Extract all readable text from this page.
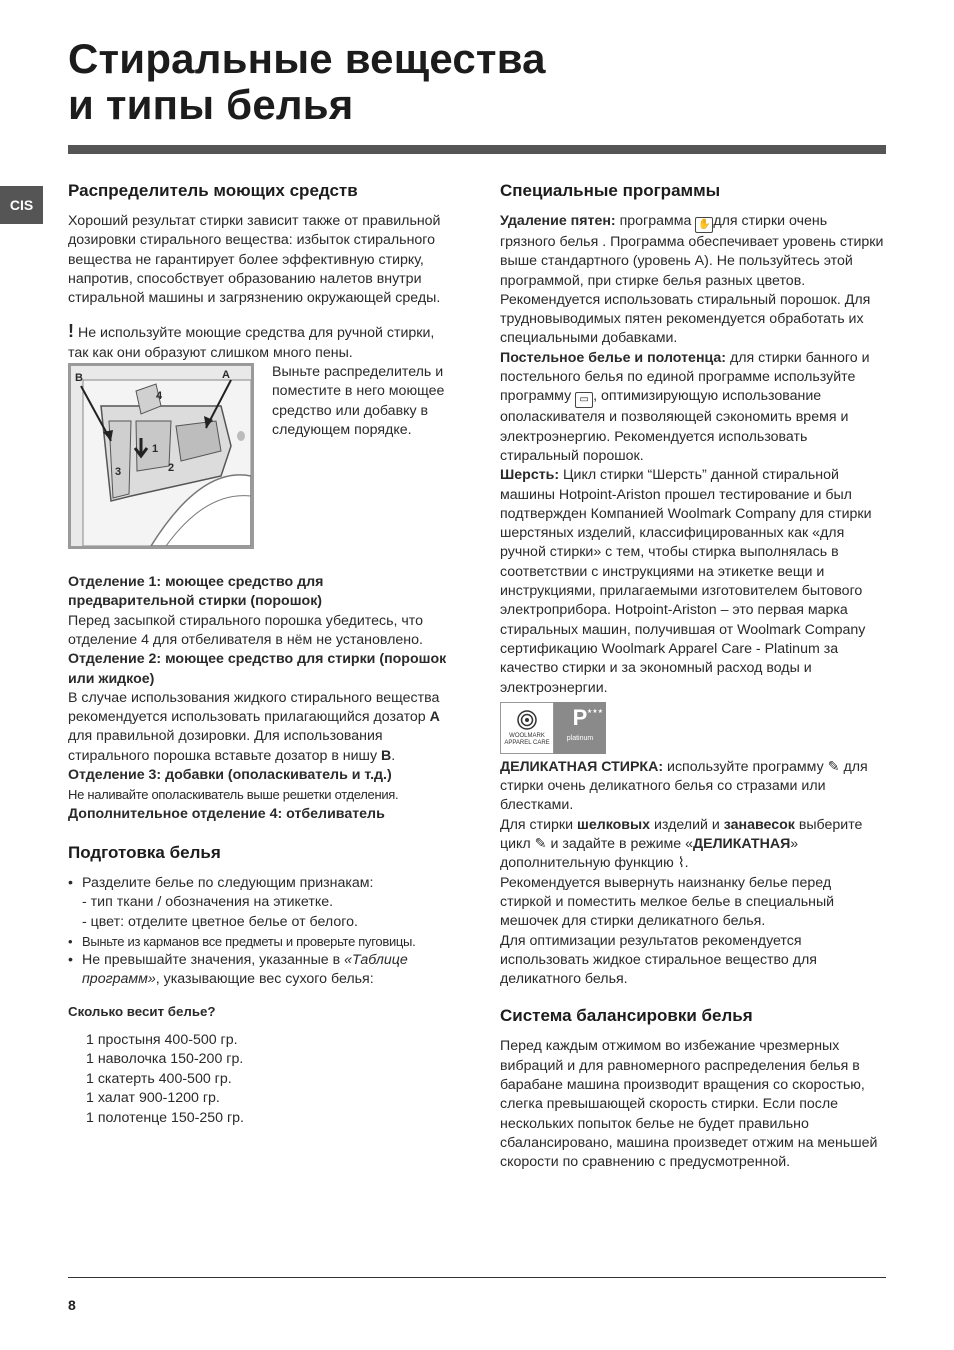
Стиральные вещества
и типы белья
CIS
Распределитель моющих средств

Хороший результат стирки зависит также от правильной дозировки стирального вещества: избыток стирального вещества не гарантирует более эффективную стирку, напротив, способствует образованию налетов внутри стиральной машины и загрязнению окружающей среды.

! Не используйте моющие средства для ручной стирки, так как они образуют слишком много пены.

B	A
4
1
3	2

Выньте распределитель и поместите в него моющее средство или добавку в следующем порядке.

Отделение 1: моющее средство для предварительной стирки (порошок)

Перед засыпкой стирального порошка убедитесь, что отделение 4 для отбеливателя в нём не установлено.

Отделение 2: моющее средство для стирки (порошок или жидкое)

В случае использования жидкого стирального вещества рекомендуется использовать прилагающийся дозатор A для правильной дозировки. Для использования стирального порошка вставьте дозатор в нишу B.

Отделение 3: добавки (ополаскиватель и т.д.)

Не наливайте ополаскиватель выше решетки отделения.

Дополнительное отделение 4: отбеливатель

Подготовка белья
• Разделите белье по следующим признакам:
- тип ткани / обозначения на этикетке.
- цвет: отделите цветное белье от белого.
• Выньте из карманов все предметы и проверьте пуговицы.
• Не превышайте значения, указанные в «Таблице программ», указывающие вес сухого белья:
Сколько весит белье?
1 простыня 400-500 гр.
1 наволочка 150-200 гр.
1 скатерть 400-500 гр.
1 халат 900-1200 гр.
1 полотенце 150-250 гр.
Специальные программы

Удаление пятен: программа ✋ для стирки очень грязного белья . Программа обеспечивает уровень стирки выше стандартного (уровень А). Не пользуйтесь этой программой, при стирке белья разных цветов. Рекомендуется использовать стиральный порошок. Для трудновыводимых пятен рекомендуется обработать их специальными добавками.

Постельное белье и полотенца: для стирки банного и постельного белья по единой программе используйте программу ▭ , оптимизирующую использование ополаскивателя и позволяющей сэкономить время и электроэнергию. Рекомендуется использовать стиральный порошок.

Шерсть: Цикл стирки “Шерсть” данной стиральной машины Hotpoint-Ariston прошел тестирование и был подтвержден Компанией Woolmark Company для стирки шерстяных изделий, классифицированных как «для ручной стирки» с тем, чтобы стирка выполнялась в соответствии с инструкциями на этикетке вещи и инструкциями, прилагаемыми изготовителем бытового электроприбора. Hotpoint-Ariston – это первая марка стиральных машин, получившая от Woolmark Company сертификацию Woolmark Apparel Care - Platinum за качество стирки и за экономный расход воды и электроэнергии.

WOOLMARK APPAREL CARE
★★★
P
platinum

ДЕЛИКАТНАЯ СТИРКА: используйте программу ✎ для стирки очень деликатного белья со стразами или блестками.

Для стирки шелковых изделий и занавесок выберите цикл ✎ и задайте в режиме «ДЕЛИКАТНАЯ» дополнительную функцию ⌇.

Рекомендуется вывернуть наизнанку белье перед стиркой и поместить мелкое белье в специальный мешочек для стирки деликатного белья.

Для оптимизации результатов рекомендуется использовать жидкое стиральное вещество для деликатного белья.

Система балансировки белья

Перед каждым отжимом во избежание чрезмерных вибраций и для равномерного распределения белья в барабане машина производит вращения со скоростью, слегка превышающей скорость стирки. Если после нескольких попыток белье не будет правильно сбалансировано, машина произведет отжим на меньшей скорости по сравнению с предусмотренной.

8
